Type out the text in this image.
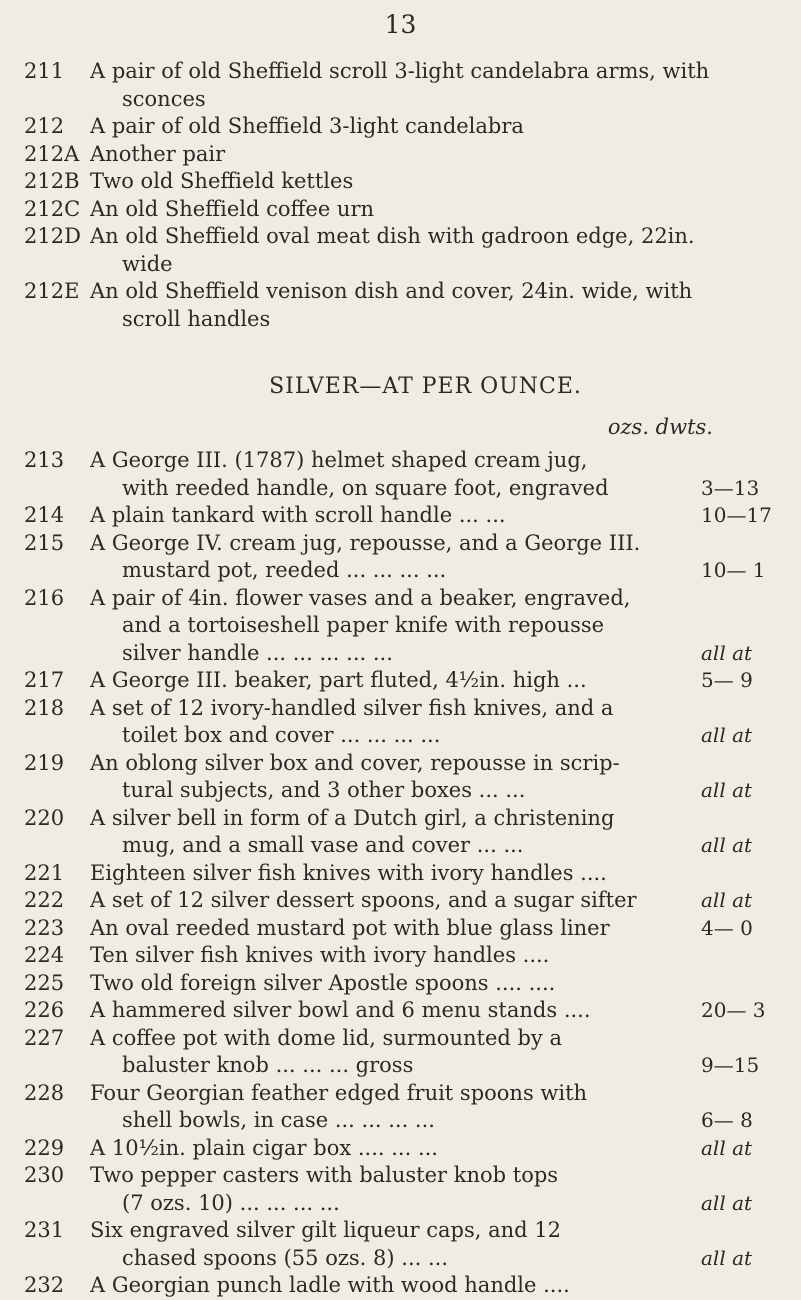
13
211	A pair of old Sheffield scroll 3-light candelabra arms, with
sconces
212	A pair of old Sheffield 3-light candelabra
212A Another pair
212B Two old Sheffield kettles
212C An old Sheffield coffee urn
212D An old Sheffield oval meat dish with gadroon edge, 22in.
wide
212E An old Sheffield venison dish and cover, 24in. wide, with
scroll handles
SILVER—AT PER OUNCE.
ozs. dwts.
213	A George III. (1787) helmet shaped cream jug,
with reeded handle, on square foot, engraved	3—13
214	A plain tankard with scroll handle ... ...	10—17
215	A George IV. cream jug, repousse, and a George III.
mustard pot, reeded ... ... ... ...	10— 1
216	A pair of 4in. flower vases and a beaker, engraved,
and a tortoiseshell paper knife with repousse
silver handle ... ... ... ... ...	all at
217	A George III. beaker, part fluted, 4½in. high ...	5— 9
218	A set of 12 ivory-handled silver fish knives, and a
toilet box and cover ... ... ... ...	all at
219	An oblong silver box and cover, repousse in scrip-
tural subjects, and 3 other boxes ... ...	all at
220	A silver bell in form of a Dutch girl, a christening
mug, and a small vase and cover ... ...	all at
221	Eighteen silver fish knives with ivory handles ....
222	A set of 12 silver dessert spoons, and a sugar sifter	all at
223	An oval reeded mustard pot with blue glass liner	4— 0
224	Ten silver fish knives with ivory handles ....
225	Two old foreign silver Apostle spoons .... ....
226	A hammered silver bowl and 6 menu stands ....	20— 3
227	A coffee pot with dome lid, surmounted by a
baluster knob ... ... ... gross	9—15
228	Four Georgian feather edged fruit spoons with
shell bowls, in case ... ... ... ...	6— 8
229	A 10½in. plain cigar box .... ... ...	all at
230	Two pepper casters with baluster knob tops
(7 ozs. 10) ... ... ... ...	all at
231	Six engraved silver gilt liqueur caps, and 12
chased spoons (55 ozs. 8) ... ...	all at
232	A Georgian punch ladle with wood handle ....
